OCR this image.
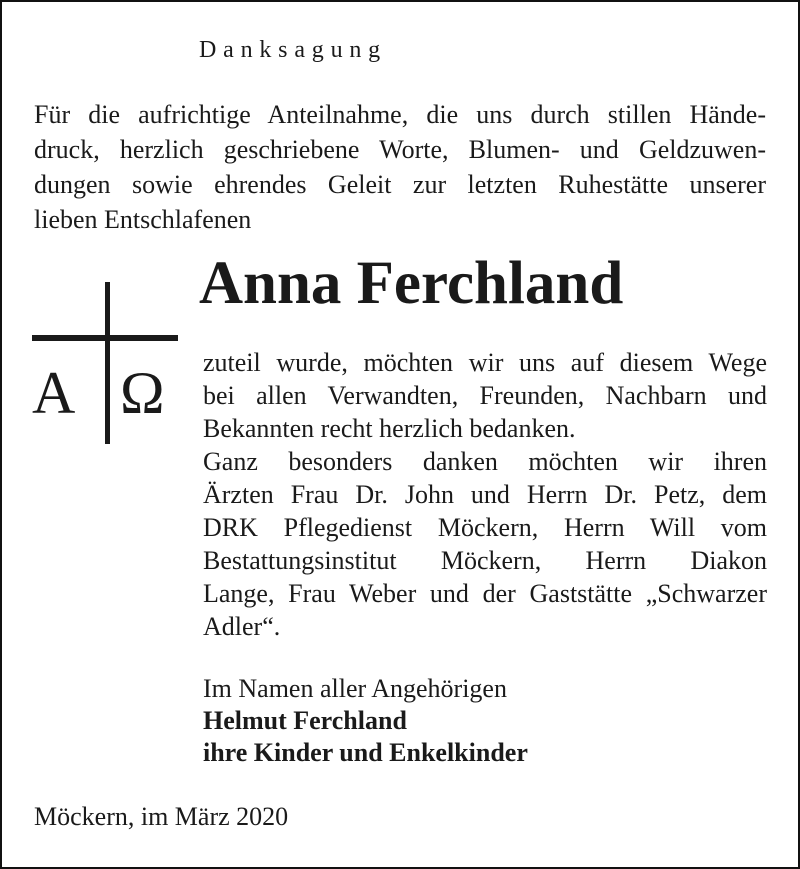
Danksagung
Für die aufrichtige Anteilnahme, die uns durch stillen Hände-
druck, herzlich geschriebene Worte, Blumen- und Geldzuwen-
dungen sowie ehrendes Geleit zur letzten Ruhestätte unserer
lieben Entschlafenen
Anna Ferchland
A Ω zuteil wurde, möchten wir uns auf diesem Wege
bei allen Verwandten, Freunden, Nachbarn und
Bekannten recht herzlich bedanken.
Ganz besonders danken möchten wir ihren
Ärzten Frau Dr. John und Herrn Dr. Petz, dem
DRK Pflegedienst Möckern, Herrn Will vom
Bestattungsinstitut Möckern, Herrn Diakon
Lange, Frau Weber und der Gaststätte „Schwarzer
Adler“.
Im Namen aller Angehörigen
Helmut Ferchland
ihre Kinder und Enkelkinder
Möckern, im März 2020
